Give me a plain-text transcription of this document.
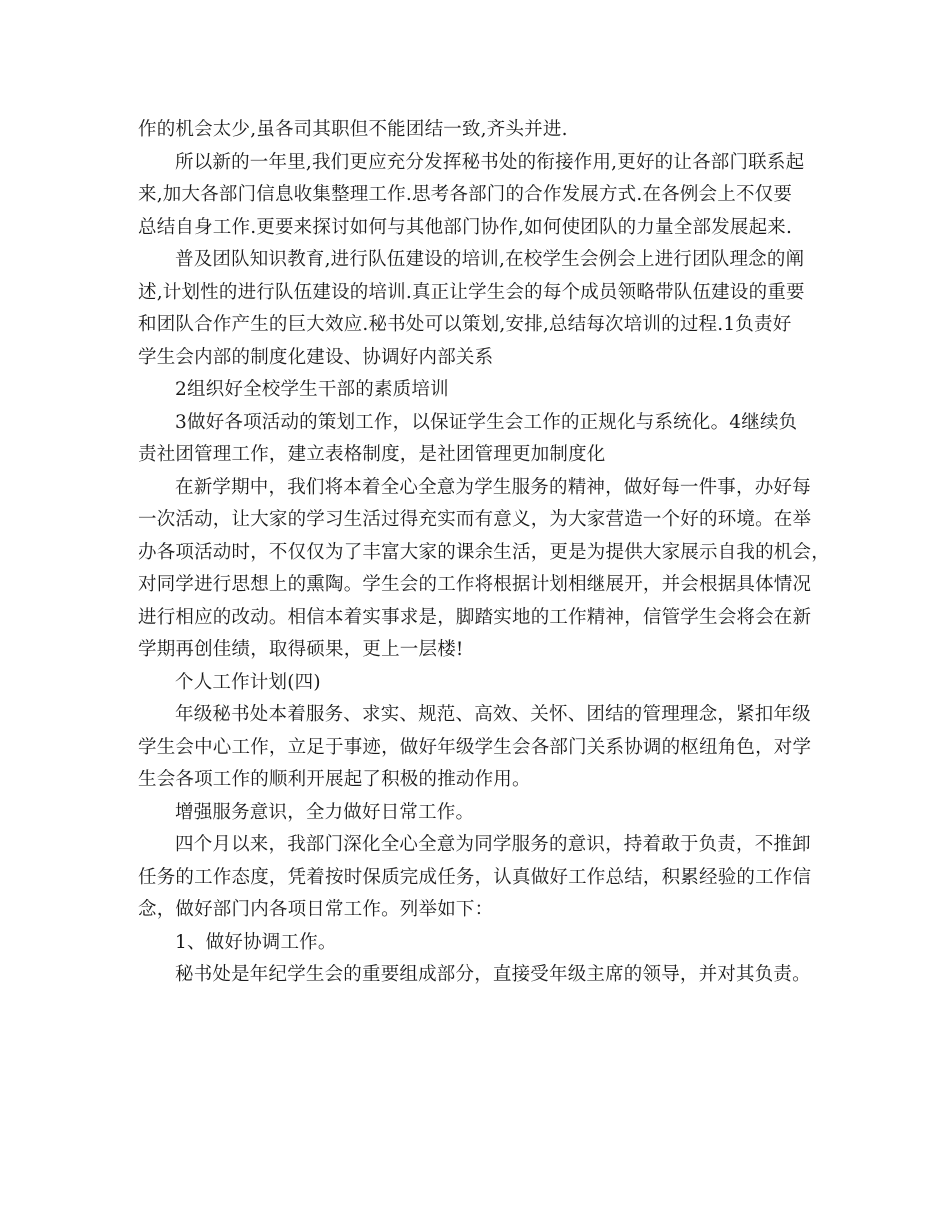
作的机会太少,虽各司其职但不能团结一致,齐头并进.
所以新的一年里,我们更应充分发挥秘书处的衔接作用,更好的让各部门联系起
来,加大各部门信息收集整理工作.思考各部门的合作发展方式.在各例会上不仅要
总结自身工作.更要来探讨如何与其他部门协作,如何使团队的力量全部发展起来.
普及团队知识教育,进行队伍建设的培训,在校学生会例会上进行团队理念的阐
述,计划性的进行队伍建设的培训.真正让学生会的每个成员领略带队伍建设的重要
和团队合作产生的巨大效应.秘书处可以策划,安排,总结每次培训的过程.1负责好
学生会内部的制度化建设、协调好内部关系
2组织好全校学生干部的素质培训
3做好各项活动的策划工作，以保证学生会工作的正规化与系统化。4继续负
责社团管理工作，建立表格制度，是社团管理更加制度化
在新学期中，我们将本着全心全意为学生服务的精神，做好每一件事，办好每
一次活动，让大家的学习生活过得充实而有意义，为大家营造一个好的环境。在举
办各项活动时，不仅仅为了丰富大家的课余生活，更是为提供大家展示自我的机会，
对同学进行思想上的熏陶。学生会的工作将根据计划相继展开，并会根据具体情况
进行相应的改动。相信本着实事求是，脚踏实地的工作精神，信管学生会将会在新
学期再创佳绩，取得硕果，更上一层楼!
个人工作计划(四)
年级秘书处本着服务、求实、规范、高效、关怀、团结的管理理念，紧扣年级
学生会中心工作，立足于事迹，做好年级学生会各部门关系协调的枢纽角色，对学
生会各项工作的顺利开展起了积极的推动作用。
增强服务意识，全力做好日常工作。
四个月以来，我部门深化全心全意为同学服务的意识，持着敢于负责，不推卸
任务的工作态度，凭着按时保质完成任务，认真做好工作总结，积累经验的工作信
念，做好部门内各项日常工作。列举如下：
1、做好协调工作。
秘书处是年纪学生会的重要组成部分，直接受年级主席的领导，并对其负责。
